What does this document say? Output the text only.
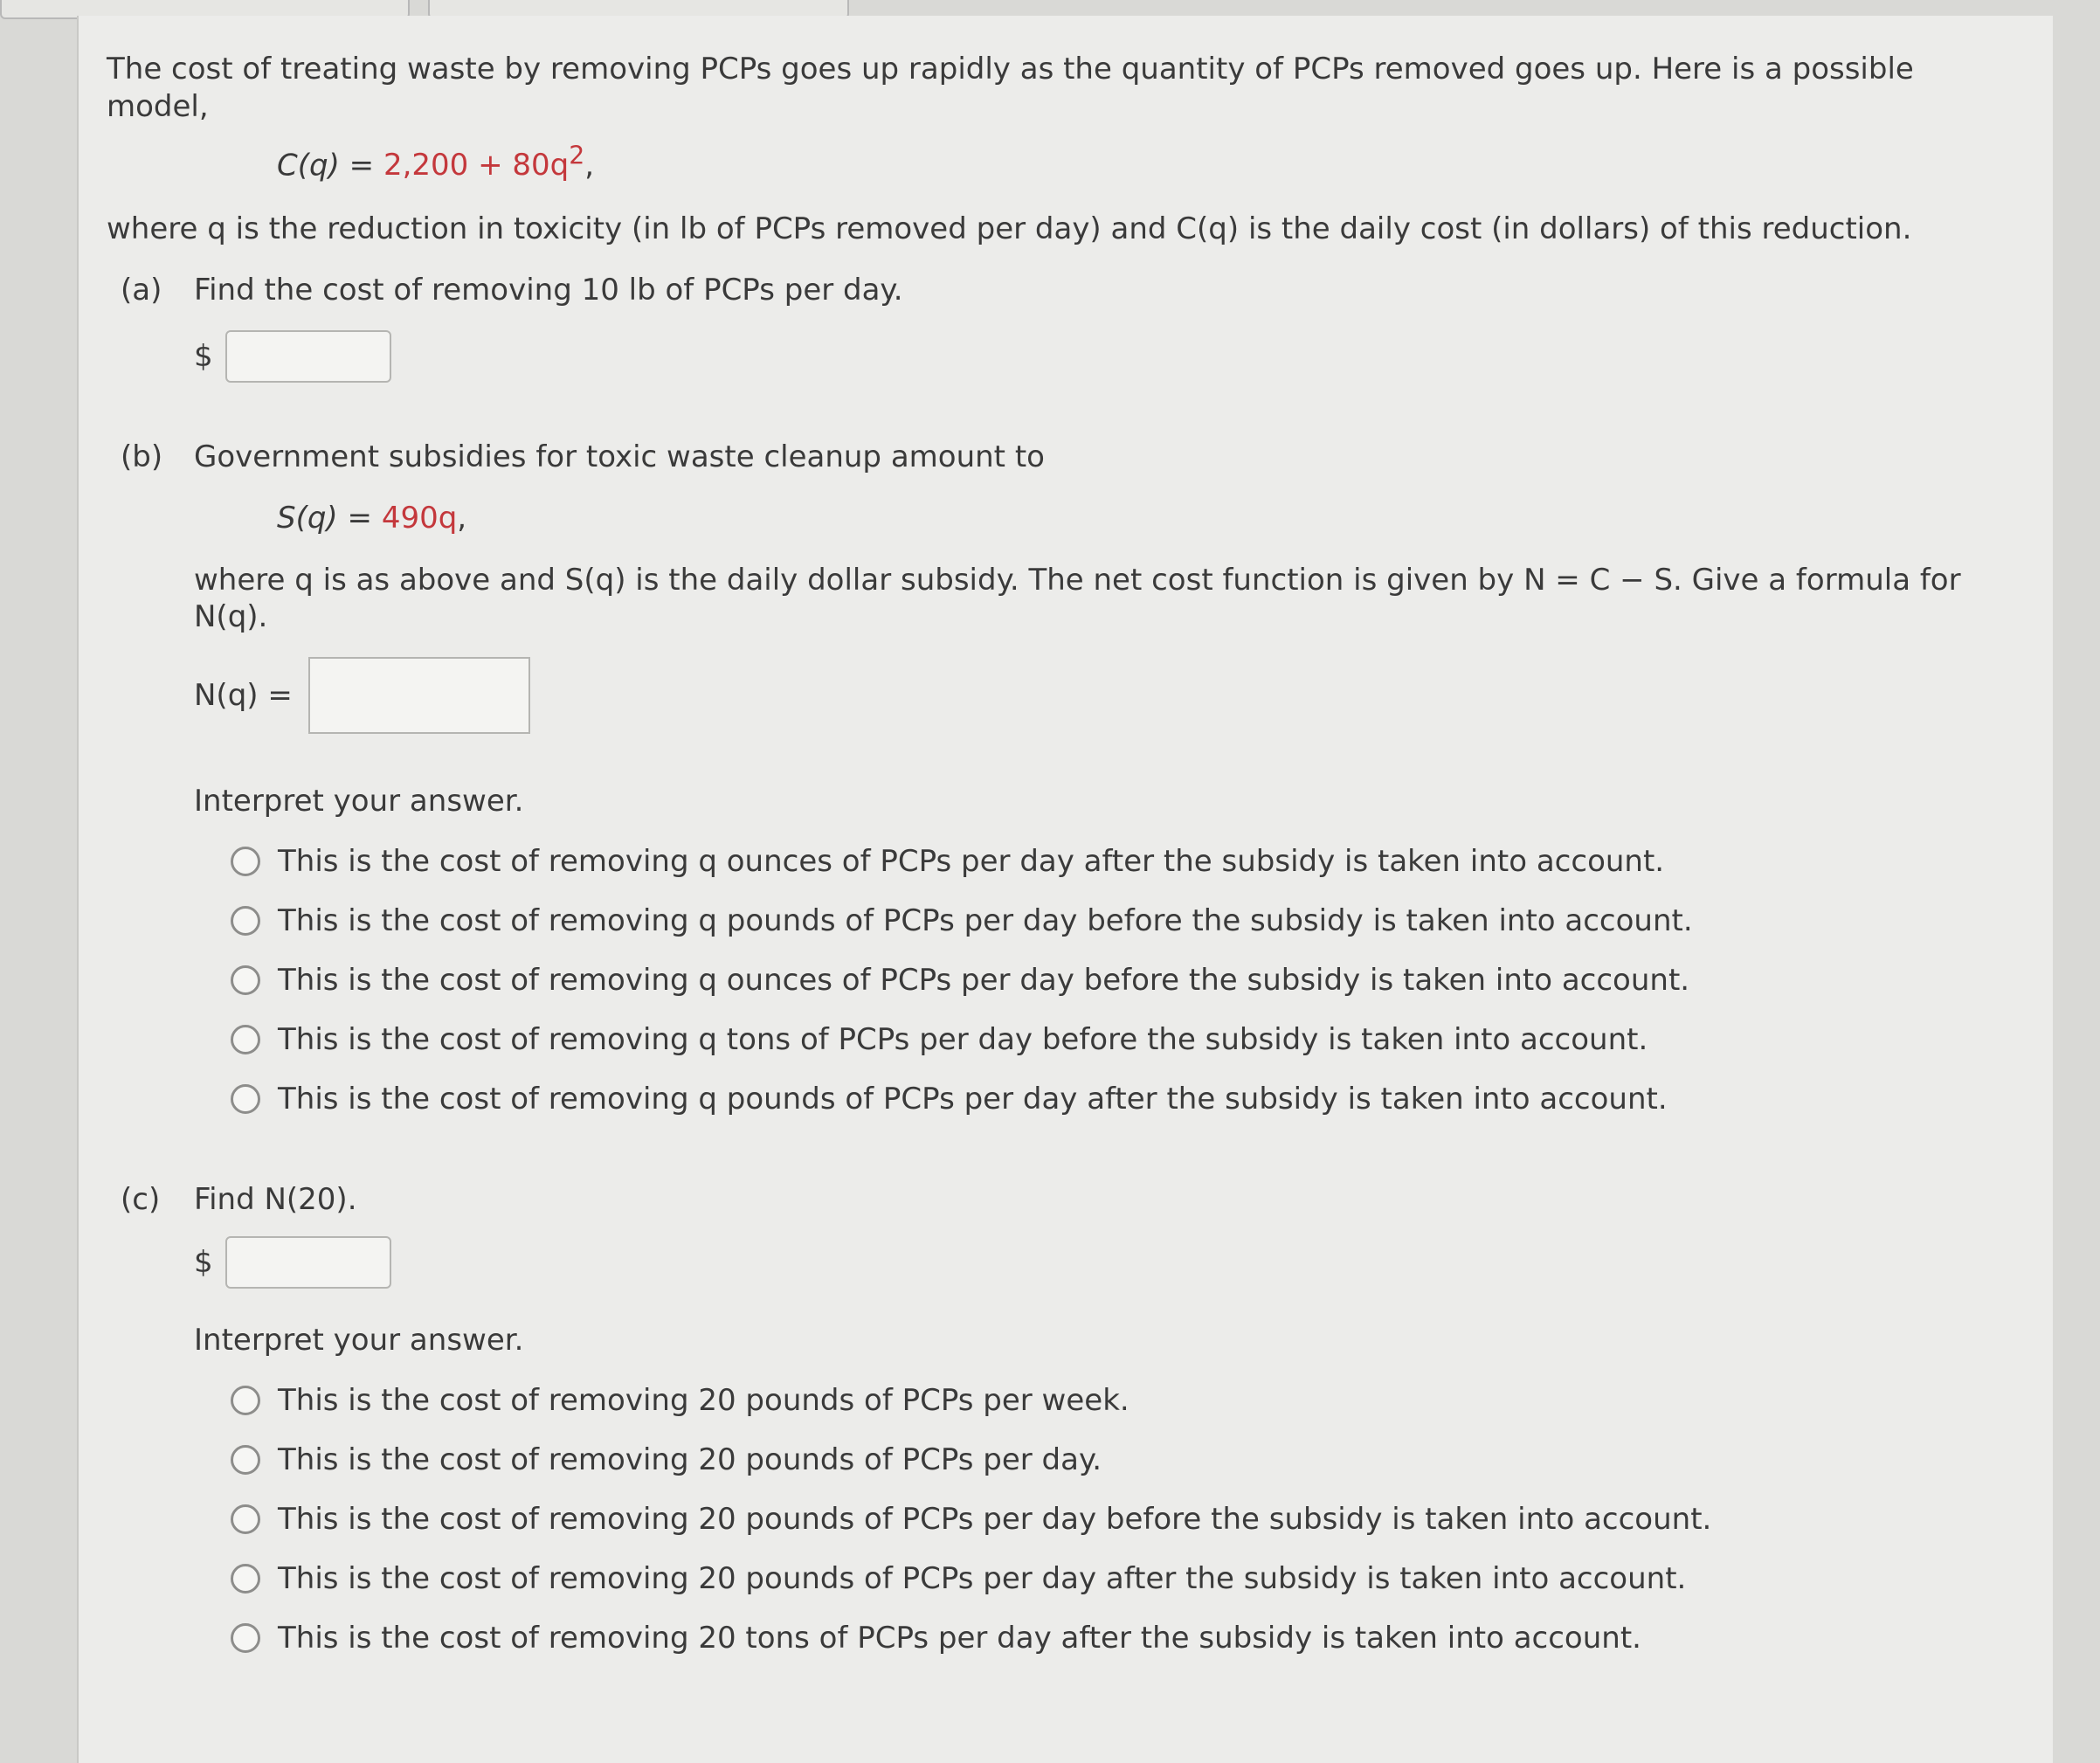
The cost of treating waste by removing PCPs goes up rapidly as the quantity of PCPs removed goes up. Here is a possible model,

$C(q) = 2,200 + 80q^2$,

where q is the reduction in toxicity (in lb of PCPs removed per day) and C(q) is the daily cost (in dollars) of this reduction.

(a) Find the cost of removing 10 lb of PCPs per day.

$
(b) Government subsidies for toxic waste cleanup amount to

S(q) = 490q,

where q is as above and S(q) is the daily dollar subsidy. The net cost function is given by N = C − S. Give a formula for N(q).

N(q) =

Interpret your answer.

This is the cost of removing q ounces of PCPs per day after the subsidy is taken into account.
This is the cost of removing q pounds of PCPs per day before the subsidy is taken into account.
This is the cost of removing q ounces of PCPs per day before the subsidy is taken into account.
This is the cost of removing q tons of PCPs per day before the subsidy is taken into account.
This is the cost of removing q pounds of PCPs per day after the subsidy is taken into account.
(c) Find N(20).

$

Interpret your answer.

This is the cost of removing 20 pounds of PCPs per week.
This is the cost of removing 20 pounds of PCPs per day.
This is the cost of removing 20 pounds of PCPs per day before the subsidy is taken into account.
This is the cost of removing 20 pounds of PCPs per day after the subsidy is taken into account.
This is the cost of removing 20 tons of PCPs per day after the subsidy is taken into account.
